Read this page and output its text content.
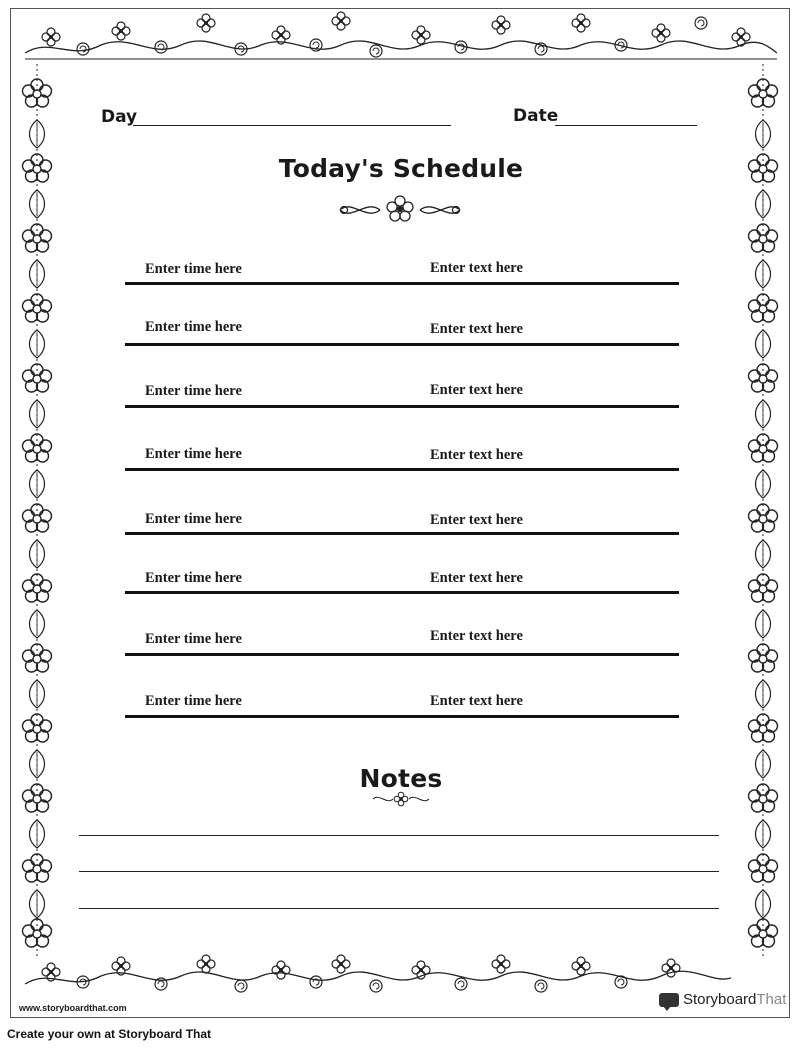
Day	Date
Today's Schedule
Enter time here	Enter text here
Enter time here	Enter text here
Enter time here	Enter text here
Enter time here	Enter text here
Enter time here	Enter text here
Enter time here	Enter text here
Enter time here	Enter text here
Enter time here	Enter text here
Notes
www.storyboardthat.com	StoryboardThat
Create your own at Storyboard That
